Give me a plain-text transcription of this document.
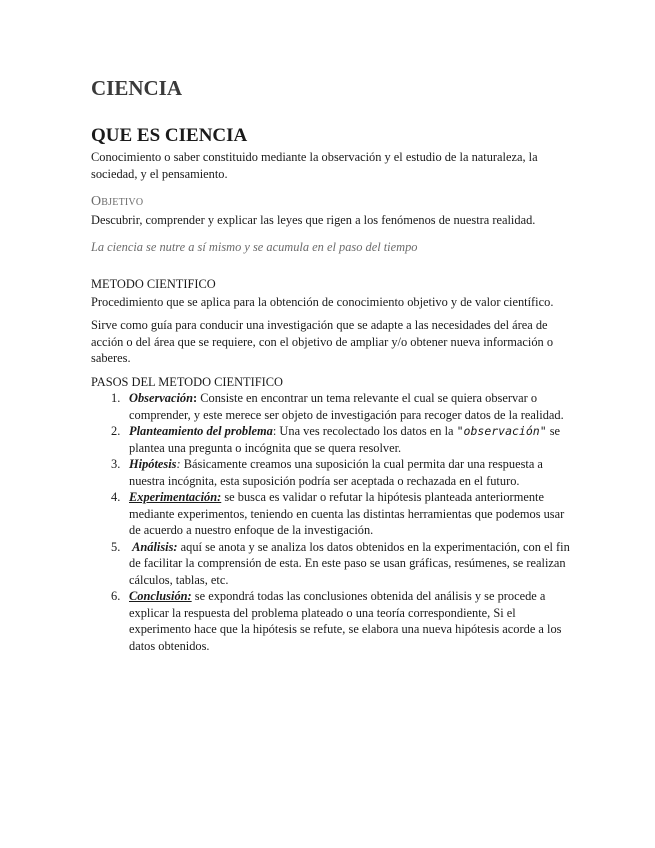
CIENCIA
QUE ES CIENCIA

Conocimiento o saber constituido mediante la observación y el estudio de la naturaleza, la sociedad, y el pensamiento.

Objetivo

Descubrir, comprender y explicar las leyes que rigen a los fenómenos de nuestra realidad.

La ciencia se nutre a sí mismo y se acumula en el paso del tiempo
METODO CIENTIFICO

Procedimiento que se aplica para la obtención de conocimiento objetivo y de valor científico.

Sirve como guía para conducir una investigación que se adapte a las necesidades del área de acción o del área que se requiere, con el objetivo de ampliar y/o obtener nueva información o saberes.

PASOS DEL METODO CIENTIFICO
1. Observación: Consiste en encontrar un tema relevante el cual se quiera observar o comprender, y este merece ser objeto de investigación para recoger datos de la realidad.
2. Planteamiento del problema: Una ves recolectado los datos en la "observación" se plantea una pregunta o incógnita que se quera resolver.
3. Hipótesis: Básicamente creamos una suposición la cual permita dar una respuesta a nuestra incógnita, esta suposición podría ser aceptada o rechazada en el futuro.
4. Experimentación: se busca es validar o refutar la hipótesis planteada anteriormente mediante experimentos, teniendo en cuenta las distintas herramientas que podemos usar de acuerdo a nuestro enfoque de la investigación.
5. Análisis: aquí se anota y se analiza los datos obtenidos en la experimentación, con el fin de facilitar la comprensión de esta. En este paso se usan gráficas, resúmenes, se realizan cálculos, tablas, etc.
6. Conclusión: se expondrá todas las conclusiones obtenida del análisis y se procede a explicar la respuesta del problema plateado o una teoría correspondiente, Si el experimento hace que la hipótesis se refute, se elabora una nueva hipótesis acorde a los datos obtenidos.
